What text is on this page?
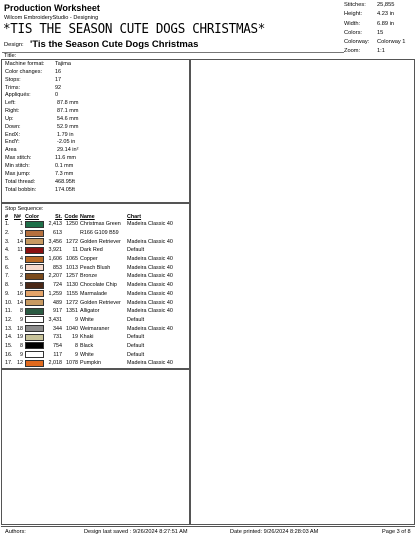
Production Worksheet
Wilcom EmbroideryStudio - Designing
*TIS THE SEASON CUTE DOGS CHRISTMAS*
Design: 'Tis the Season Cute Dogs Christmas
Title:
Stitches:	25,855
Height:	4.23 in
Width:	6.89 in
Colors:	15
Colorway:	Colorway 1
Zoom:	1:1
Machine format:	Tajima
Color changes:	16
Stops:	17
Trims:	92
Appliqués:	0
Left:	87.8 mm
Right:	87.1 mm
Up:	54.6 mm
Down:	52.9 mm
EndX:	1.79 in
EndY:	-2.05 in
Area	29.14 in²
Max stitch:	11.6 mm
Min stitch:	0.1 mm
Max jump:	7.3 mm
Total thread:	468.95ft
Total bobbin:	174.05ft
Stop Sequence:
#	N#	Color	St.	Code	Name	Chart
1.	1		2,413	1250	Christmas Green	Madeira Classic 40
2.	3		613		R166 G109 B59	
3.	14		3,456	1272	Golden Retriever	Madeira Classic 40
4.	11		3,921	11	Dark Red	Default
5.	4		1,606	1065	Copper	Madeira Classic 40
6.	6		853	1013	Peach Blush	Madeira Classic 40
7.	2		2,207	1257	Bronze	Madeira Classic 40
8.	5		724	1130	Chocolate Chip	Madeira Classic 40
9.	16		1,259	1155	Marmalade	Madeira Classic 40
10.	14		489	1272	Golden Retriever	Madeira Classic 40
11.	8		917	1351	Alligator	Madeira Classic 40
12.	9		3,431	9	White	Default
13.	18		344	1040	Weimaraner	Madeira Classic 40
14.	19		731	19	Khaki	Default
15.	8		754	8	Black	Default
16.	9		117	9	White	Default
17.	12		2,018	1078	Pumpkin	Madeira Classic 40
Authors:	Design last saved : 9/26/2024 8:27:51 AM	Date printed: 9/26/2024 8:28:03 AM	Page 3 of 8
